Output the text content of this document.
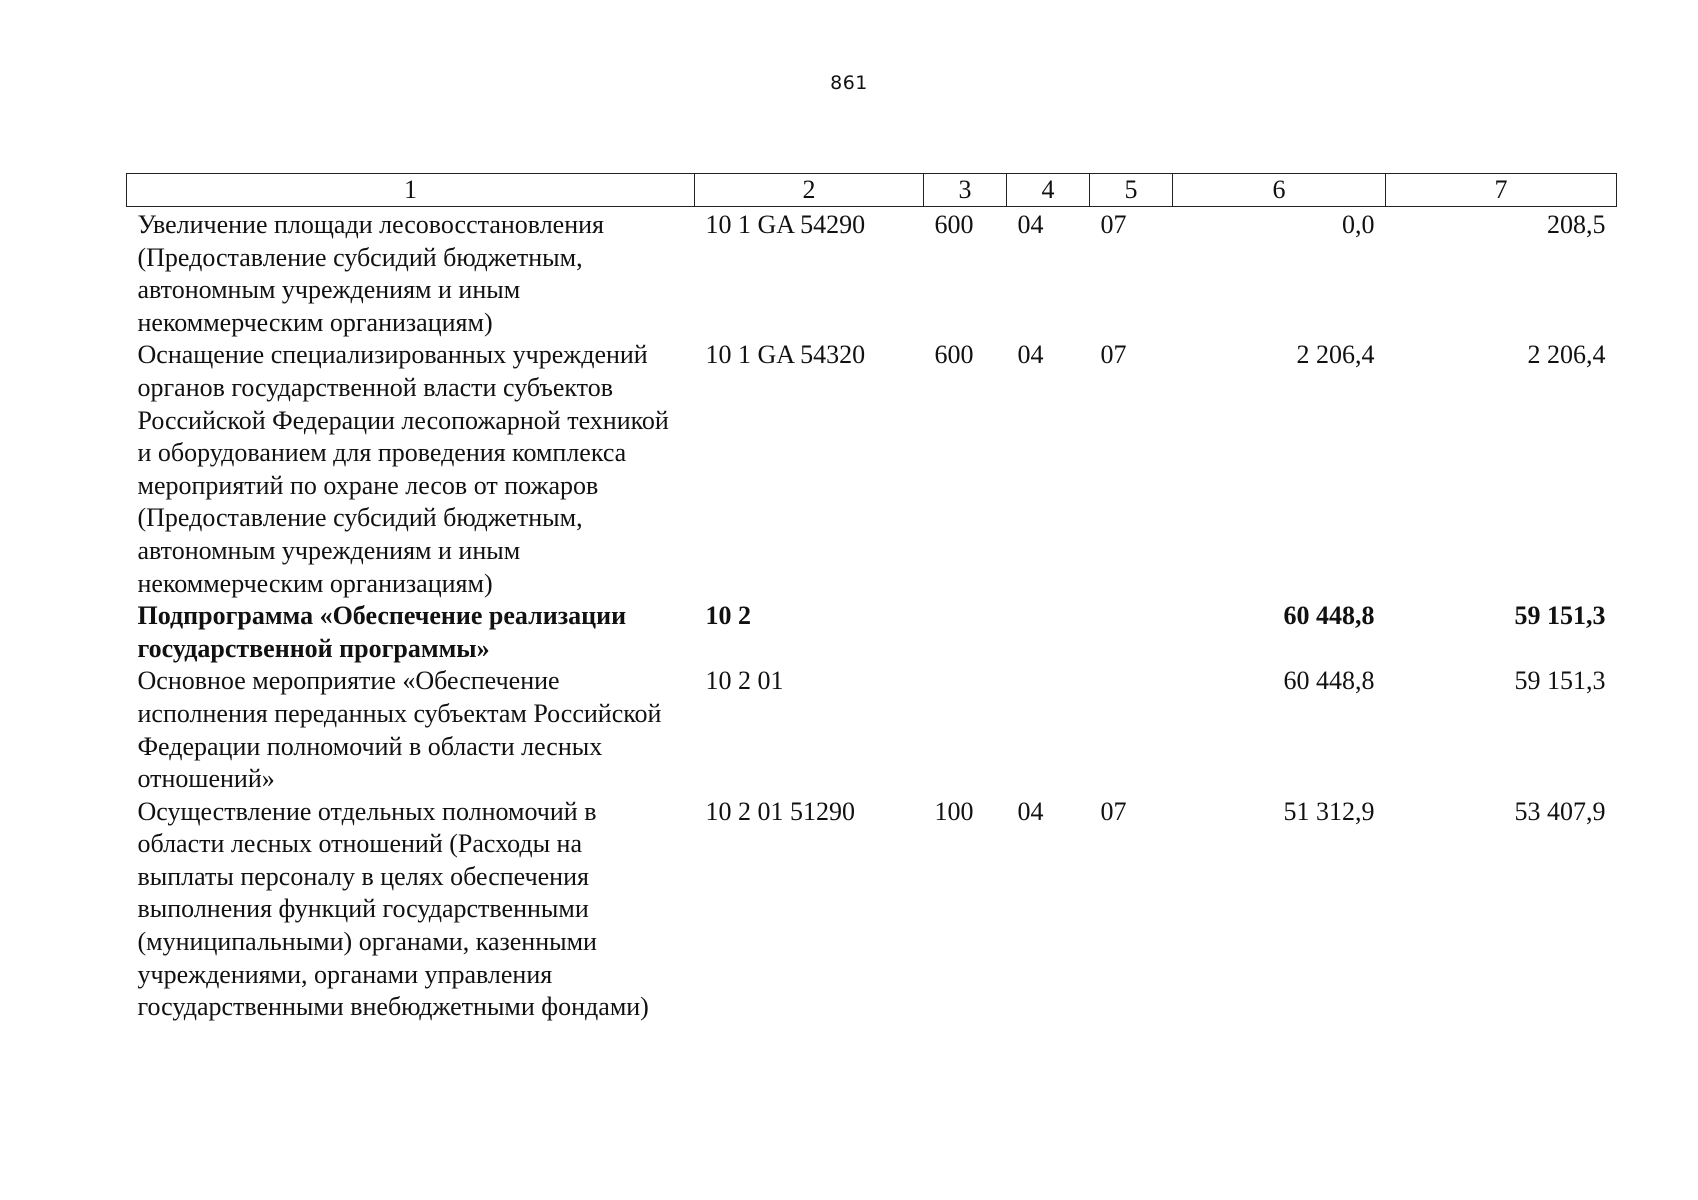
861
1	2	3	4	5	6	7
Увеличение площади лесовосстановления (Предоставление субсидий бюджетным, автономным учреждениям и иным некоммерческим организациям)	10 1 GA 54290	600	04	07	0,0	208,5
Оснащение специализированных учреждений органов государственной власти субъектов Российской Федерации лесопожарной техникой и оборудованием для проведения комплекса мероприятий по охране лесов от пожаров (Предоставление субсидий бюджетным, автономным учреждениям и иным некоммерческим организациям)	10 1 GA 54320	600	04	07	2 206,4	2 206,4
Подпрограмма «Обеспечение реализации государственной программы»	10 2				60 448,8	59 151,3
Основное мероприятие «Обеспечение исполнения переданных субъектам Российской Федерации полномочий в области лесных отношений»	10 2 01				60 448,8	59 151,3
Осуществление отдельных полномочий в области лесных отношений (Расходы на выплаты персоналу в целях обеспечения выполнения функций государственными (муниципальными) органами, казенными учреждениями, органами управления государственными внебюджетными фондами)	10 2 01 51290	100	04	07	51 312,9	53 407,9
